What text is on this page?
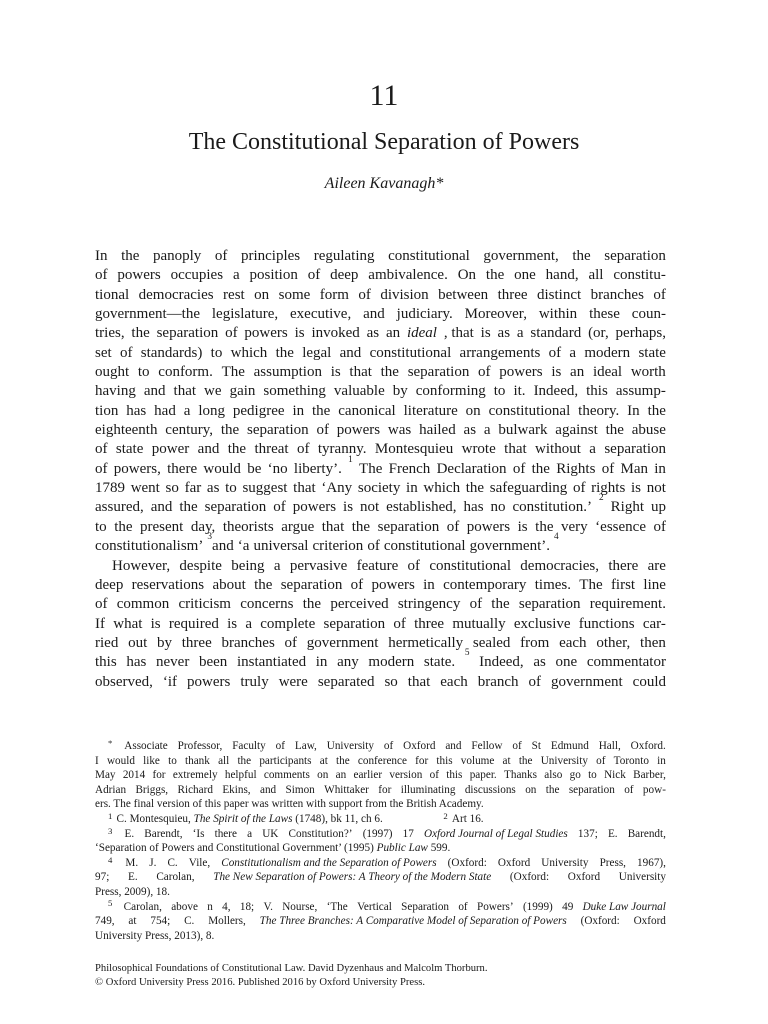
11
The Constitutional Separation of Powers
Aileen Kavanagh*
In the panoply of principles regulating constitutional government, the separation
of powers occupies a position of deep ambivalence. On the one hand, all constitu-
tional democracies rest on some form of division between three distinct branches of
government—the legislature, executive, and judiciary. Moreover, within these coun-
tries, the separation of powers is invoked as an ideal , that is as a standard (or, perhaps,
set of standards) to which the legal and constitutional arrangements of a modern state
ought to conform. The assumption is that the separation of powers is an ideal worth
having and that we gain something valuable by conforming to it. Indeed, this assump-
tion has had a long pedigree in the canonical literature on constitutional theory. In the
eighteenth century, the separation of powers was hailed as a bulwark against the abuse
of state power and the threat of tyranny. Montesquieu wrote that without a separation
of powers, there would be ‘no liberty’.
1
The French Declaration of the Rights of Man in
1789 went so far as to suggest that ‘Any society in which the safeguarding of rights is not
assured, and the separation of powers is not established, has no constitution.’
2
Right up
to the present day, theorists argue that the separation of powers is the very ‘essence of
constitutionalism’
3
and ‘a universal criterion of constitutional government’.
4
However, despite being a pervasive feature of constitutional democracies, there are
deep reservations about the separation of powers in contemporary times. The first line
of common criticism concerns the perceived stringency of the separation requirement.
If what is required is a complete separation of three mutually exclusive functions car-
ried out by three branches of government hermetically sealed from each other, then
this has never been instantiated in any modern state.
5
Indeed, as one commentator
observed, ‘if powers truly were separated so that each branch of government could
* Associate Professor, Faculty of Law, University of Oxford and Fellow of St Edmund Hall, Oxford.
I would like to thank all the participants at the conference for this volume at the University of Toronto in
May 2014 for extremely helpful comments on an earlier version of this paper. Thanks also go to Nick Barber,
Adrian Briggs, Richard Ekins, and Simon Whittaker for illuminating discussions on the separation of pow-
ers. The final version of this paper was written with support from the British Academy.
1 C. Montesquieu, The Spirit of the Laws (1748), bk 11, ch 6.	2 Art 16.
3 E. Barendt, ‘Is there a UK Constitution?’ (1997) 17 Oxford Journal of Legal Studies 137; E. Barendt,
‘Separation of Powers and Constitutional Government’ (1995) Public Law 599.
4 M. J. C. Vile, Constitutionalism and the Separation of Powers (Oxford: Oxford University Press, 1967),
97; E. Carolan, The New Separation of Powers: A Theory of the Modern State (Oxford: Oxford University
Press, 2009), 18.
5 Carolan, above n 4, 18; V. Nourse, ‘The Vertical Separation of Powers’ (1999) 49 Duke Law Journal
749, at 754; C. Mollers, The Three Branches: A Comparative Model of Separation of Powers (Oxford: Oxford
University Press, 2013), 8.
Philosophical Foundations of Constitutional Law. David Dyzenhaus and Malcolm Thorburn.
© Oxford University Press 2016. Published 2016 by Oxford University Press.
